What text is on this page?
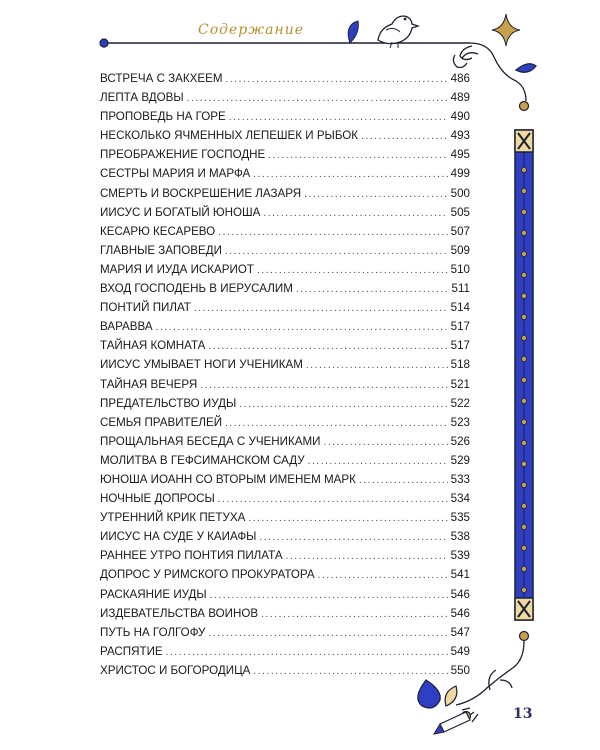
Содержание
ВСТРЕЧА С ЗАКХЕЕМ .....	486
ЛЕПТА ВДОВЫ .....	489
ПРОПОВЕДЬ НА ГОРЕ .....	490
НЕСКОЛЬКО ЯЧМЕННЫХ ЛЕПЕШЕК И РЫБОК .....	493
ПРЕОБРАЖЕНИЕ ГОСПОДНЕ .....	495
СЕСТРЫ МАРИЯ И МАРФА .....	499
СМЕРТЬ И ВОСКРЕШЕНИЕ ЛАЗАРЯ .....	500
ИИСУС И БОГАТЫЙ ЮНОША .....	505
КЕСАРЮ КЕСАРЕВО .....	507
ГЛАВНЫЕ ЗАПОВЕДИ .....	509
МАРИЯ И ИУДА ИСКАРИОТ .....	510
ВХОД ГОСПОДЕНЬ В ИЕРУСАЛИМ .....	511
ПОНТИЙ ПИЛАТ .....	514
ВАРАВВА .....	517
ТАЙНАЯ КОМНАТА .....	517
ИИСУС УМЫВАЕТ НОГИ УЧЕНИКАМ .....	518
ТАЙНАЯ ВЕЧЕРЯ .....	521
ПРЕДАТЕЛЬСТВО ИУДЫ .....	522
СЕМЬЯ ПРАВИТЕЛЕЙ .....	523
ПРОЩАЛЬНАЯ БЕСЕДА С УЧЕНИКАМИ .....	526
МОЛИТВА В ГЕФСИМАНСКОМ САДУ .....	529
ЮНОША ИОАНН СО ВТОРЫМ ИМЕНЕМ МАРК .....	533
НОЧНЫЕ ДОПРОСЫ .....	534
УТРЕННИЙ КРИК ПЕТУХА .....	535
ИИСУС НА СУДЕ У КАИАФЫ .....	538
РАННЕЕ УТРО ПОНТИЯ ПИЛАТА .....	539
ДОПРОС У РИМСКОГО ПРОКУРАТОРА .....	541
РАСКАЯНИЕ ИУДЫ .....	546
ИЗДЕВАТЕЛЬСТВА ВОИНОВ .....	546
ПУТЬ НА ГОЛГОФУ .....	547
РАСПЯТИЕ .....	549
ХРИСТОС И БОГОРОДИЦА .....	550
13
